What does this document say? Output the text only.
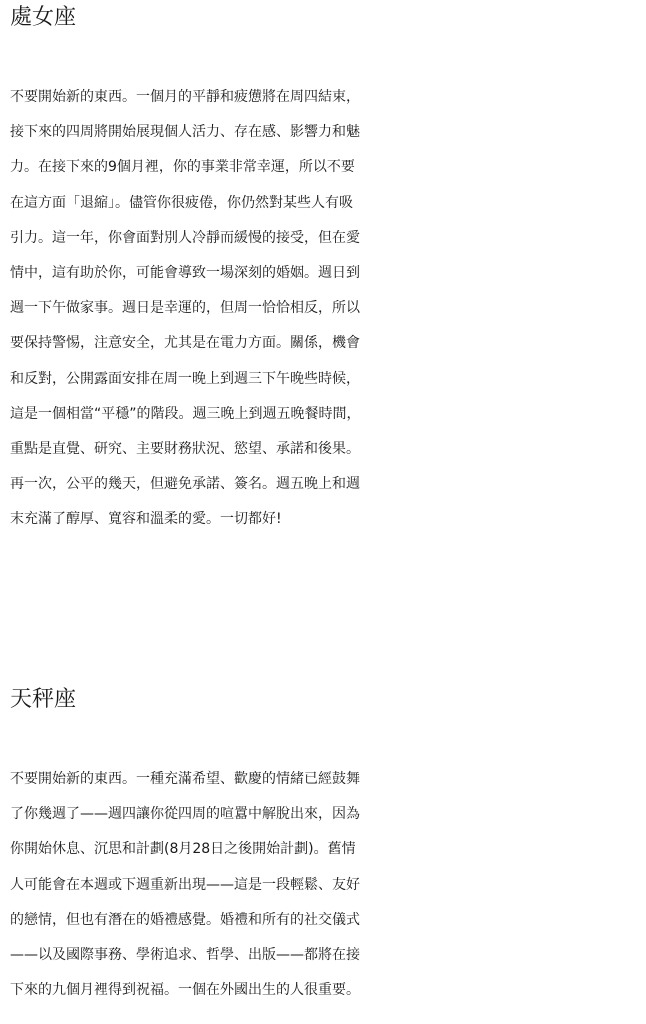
處女座
不要開始新的東西。一個月的平靜和疲憊將在周四結束，
接下來的四周將開始展現個人活力、存在感、影響力和魅
力。在接下來的9個月裡，你的事業非常幸運，所以不要
在這方面「退縮」。儘管你很疲倦，你仍然對某些人有吸
引力。這一年，你會面對別人冷靜而緩慢的接受，但在愛
情中，這有助於你，可能會導致一場深刻的婚姻。週日到
週一下午做家事。週日是幸運的，但周一恰恰相反，所以
要保持警惕，注意安全，尤其是在電力方面。關係，機會
和反對，公開露面安排在周一晚上到週三下午晚些時候，
這是一個相當“平穩”的階段。週三晚上到週五晚餐時間，
重點是直覺、研究、主要財務狀況、慾望、承諾和後果。
再一次，公平的幾天，但避免承諾、簽名。週五晚上和週
末充滿了醇厚、寬容和溫柔的愛。一切都好!
天秤座
不要開始新的東西。一種充滿希望、歡慶的情緒已經鼓舞
了你幾週了——週四讓你從四周的喧囂中解脫出來，因為
你開始休息、沉思和計劃(8月28日之後開始計劃)。舊情
人可能會在本週或下週重新出現——這是一段輕鬆、友好
的戀情，但也有潛在的婚禮感覺。婚禮和所有的社交儀式
——以及國際事務、學術追求、哲學、出版——都將在接
下來的九個月裡得到祝福。一個在外國出生的人很重要。
